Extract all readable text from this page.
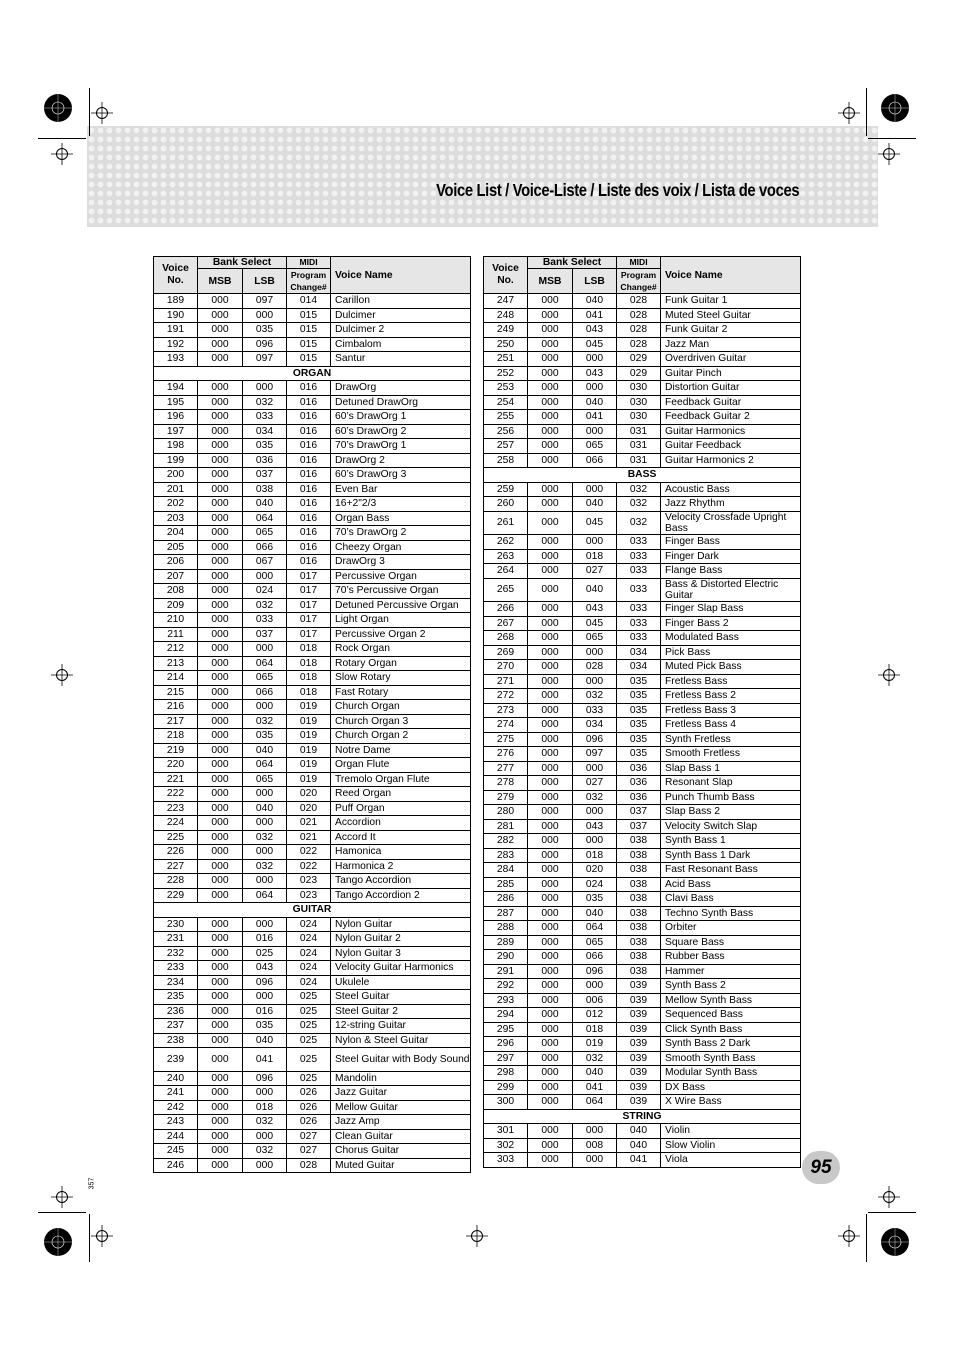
Voice List / Voice-Liste / Liste des voix / Lista de voces
Voice No.	Bank Select		MIDI	Voice Name
	MSB	LSB	Program Change#	
189	000	097	014	Carillon
190	000	000	015	Dulcimer
191	000	035	015	Dulcimer 2
192	000	096	015	Cimbalom
193	000	097	015	Santur
ORGAN				
194	000	000	016	DrawOrg
195	000	032	016	Detuned DrawOrg
196	000	033	016	60’s DrawOrg 1
197	000	034	016	60’s DrawOrg 2
198	000	035	016	70’s DrawOrg 1
199	000	036	016	DrawOrg 2
200	000	037	016	60’s DrawOrg 3
201	000	038	016	Even Bar
202	000	040	016	16+2"2/3
203	000	064	016	Organ Bass
204	000	065	016	70’s DrawOrg 2
205	000	066	016	Cheezy Organ
206	000	067	016	DrawOrg 3
207	000	000	017	Percussive Organ
208	000	024	017	70’s Percussive Organ
209	000	032	017	Detuned Percussive Organ
210	000	033	017	Light Organ
211	000	037	017	Percussive Organ 2
212	000	000	018	Rock Organ
213	000	064	018	Rotary Organ
214	000	065	018	Slow Rotary
215	000	066	018	Fast Rotary
216	000	000	019	Church Organ
217	000	032	019	Church Organ 3
218	000	035	019	Church Organ 2
219	000	040	019	Notre Dame
220	000	064	019	Organ Flute
221	000	065	019	Tremolo Organ Flute
222	000	000	020	Reed Organ
223	000	040	020	Puff Organ
224	000	000	021	Accordion
225	000	032	021	Accord It
226	000	000	022	Hamonica
227	000	032	022	Harmonica 2
228	000	000	023	Tango Accordion
229	000	064	023	Tango Accordion 2
GUITAR				
230	000	000	024	Nylon Guitar
231	000	016	024	Nylon Guitar 2
232	000	025	024	Nylon Guitar 3
233	000	043	024	Velocity Guitar Harmonics
234	000	096	024	Ukulele
235	000	000	025	Steel Guitar
236	000	016	025	Steel Guitar 2
237	000	035	025	12-string Guitar
238	000	040	025	Nylon & Steel Guitar
239	000	041	025	Steel Guitar with Body Sound
240	000	096	025	Mandolin
241	000	000	026	Jazz Guitar
242	000	018	026	Mellow Guitar
243	000	032	026	Jazz Amp
244	000	000	027	Clean Guitar
245	000	032	027	Chorus Guitar
246	000	000	028	Muted Guitar
Voice No.	Bank Select		MIDI	Voice Name
	MSB	LSB	Program Change#	
247	000	040	028	Funk Guitar 1
248	000	041	028	Muted Steel Guitar
249	000	043	028	Funk Guitar 2
250	000	045	028	Jazz Man
251	000	000	029	Overdriven Guitar
252	000	043	029	Guitar Pinch
253	000	000	030	Distortion Guitar
254	000	040	030	Feedback Guitar
255	000	041	030	Feedback Guitar 2
256	000	000	031	Guitar Harmonics
257	000	065	031	Guitar Feedback
258	000	066	031	Guitar Harmonics 2
BASS				
259	000	000	032	Acoustic Bass
260	000	040	032	Jazz Rhythm
261	000	045	032	Velocity Crossfade Upright Bass
262	000	000	033	Finger Bass
263	000	018	033	Finger Dark
264	000	027	033	Flange Bass
265	000	040	033	Bass & Distorted Electric Guitar
266	000	043	033	Finger Slap Bass
267	000	045	033	Finger Bass 2
268	000	065	033	Modulated Bass
269	000	000	034	Pick Bass
270	000	028	034	Muted Pick Bass
271	000	000	035	Fretless Bass
272	000	032	035	Fretless Bass 2
273	000	033	035	Fretless Bass 3
274	000	034	035	Fretless Bass 4
275	000	096	035	Synth Fretless
276	000	097	035	Smooth Fretless
277	000	000	036	Slap Bass 1
278	000	027	036	Resonant Slap
279	000	032	036	Punch Thumb Bass
280	000	000	037	Slap Bass 2
281	000	043	037	Velocity Switch Slap
282	000	000	038	Synth Bass 1
283	000	018	038	Synth Bass 1 Dark
284	000	020	038	Fast Resonant Bass
285	000	024	038	Acid Bass
286	000	035	038	Clavi Bass
287	000	040	038	Techno Synth Bass
288	000	064	038	Orbiter
289	000	065	038	Square Bass
290	000	066	038	Rubber Bass
291	000	096	038	Hammer
292	000	000	039	Synth Bass 2
293	000	006	039	Mellow Synth Bass
294	000	012	039	Sequenced Bass
295	000	018	039	Click Synth Bass
296	000	019	039	Synth Bass 2 Dark
297	000	032	039	Smooth Synth Bass
298	000	040	039	Modular Synth Bass
299	000	041	039	DX Bass
300	000	064	039	X Wire Bass
STRING				
301	000	000	040	Violin
302	000	008	040	Slow Violin
303	000	000	041	Viola	95
357
